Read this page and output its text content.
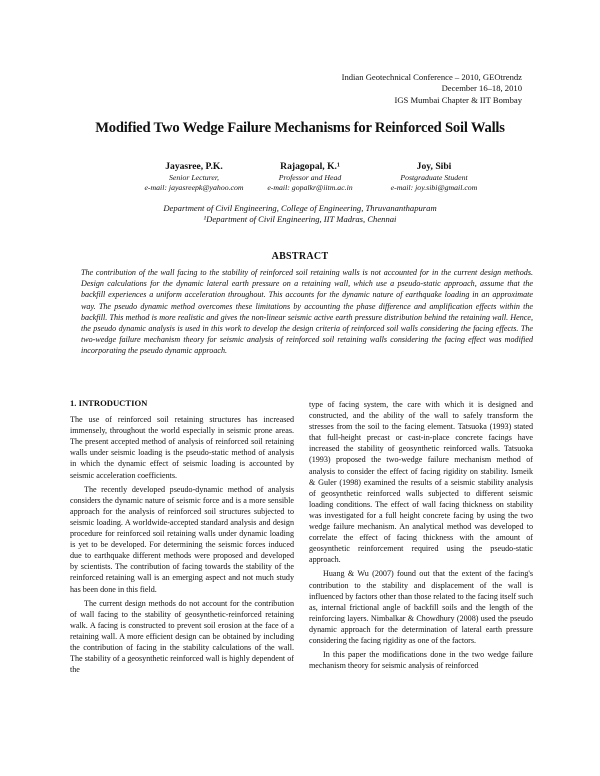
Indian Geotechnical Conference – 2010, GEOtrendz
December 16–18, 2010
IGS Mumbai Chapter & IIT Bombay
Modified Two Wedge Failure Mechanisms for Reinforced Soil Walls
Jayasree, P.K.
Senior Lecturer,
e-mail: jayasreepk@yahoo.com
Rajagopal, K.¹
Professor and Head
e-mail: gopalkr@iitm.ac.in
Joy, Sibi
Postgraduate Student
e-mail: joy.sibi@gmail.com
Department of Civil Engineering, College of Engineering, Thruvananthapuram
¹Department of Civil Engineering, IIT Madras, Chennai
ABSTRACT
The contribution of the wall facing to the stability of reinforced soil retaining walls is not accounted for in the current design methods. Design calculations for the dynamic lateral earth pressure on a retaining wall, which use a pseudo-static approach, assume that the backfill experiences a uniform acceleration throughout. This accounts for the dynamic nature of earthquake loading in an approximate way. The pseudo dynamic method overcomes these limitations by accounting the phase difference and amplification effects within the backfill. This method is more realistic and gives the non-linear seismic active earth pressure distribution behind the retaining wall. Hence, the pseudo dynamic analysis is used in this work to develop the design criteria of reinforced soil walls considering the facing effects. The two-wedge failure mechanism theory for seismic analysis of reinforced soil retaining walls considering the facing effect was modified incorporating the pseudo dynamic approach.
1. INTRODUCTION

The use of reinforced soil retaining structures has increased immensely, throughout the world especially in seismic prone areas. The present accepted method of analysis of reinforced soil retaining walls under seismic loading is the pseudo-static method of analysis in which the dynamic effect of seismic loading is accounted by seismic acceleration coefficients.

The recently developed pseudo-dynamic method of analysis considers the dynamic nature of seismic force and is a more sensible approach for the analysis of reinforced soil structures subjected to seismic loading. A worldwide-accepted standard analysis and design procedure for reinforced soil retaining walls under dynamic loading is yet to be developed. For determining the seismic forces induced due to earthquake different methods were proposed and developed by scientists. The contribution of facing towards the stability of the reinforced retaining wall is an emerging aspect and not much study has been done in this field.

The current design methods do not account for the contribution of wall facing to the stability of geosynthetic-reinforced retaining walk. A facing is constructed to prevent soil erosion at the face of a retaining wall. A more efficient design can be obtained by including the contribution of facing in the stability calculations of the wall. The stability of a geosynthetic reinforced wall is highly dependent of the

type of facing system, the care with which it is designed and constructed, and the ability of the wall to safely transform the stresses from the soil to the facing element. Tatsuoka (1993) stated that full-height precast or cast-in-place concrete facings have increased the stability of geosynthetic reinforced walls. Tatsuoka (1993) proposed the two-wedge failure mechanism method of analysis to consider the effect of facing rigidity on stability. Ismeik & Guler (1998) examined the results of a seismic stability analysis of geosynthetic reinforced walls subjected to different seismic loading conditions. The effect of wall facing thickness on stability was investigated for a full height concrete facing by using the two wedge failure mechanism. An analytical method was developed to correlate the effect of facing thickness with the amount of geosynthetic reinforcement required using the pseudo-static approach.

Huang & Wu (2007) found out that the extent of the facing's contribution to the stability and displacement of the wall is influenced by factors other than those related to the facing itself such as, internal frictional angle of backfill soils and the length of the reinforcing layers. Nimbalkar & Chowdhury (2008) used the pseudo dynamic approach for the determination of lateral earth pressure considering the facing rigidity as one of the factors.

In this paper the modifications done in the two wedge failure mechanism theory for seismic analysis of reinforced
